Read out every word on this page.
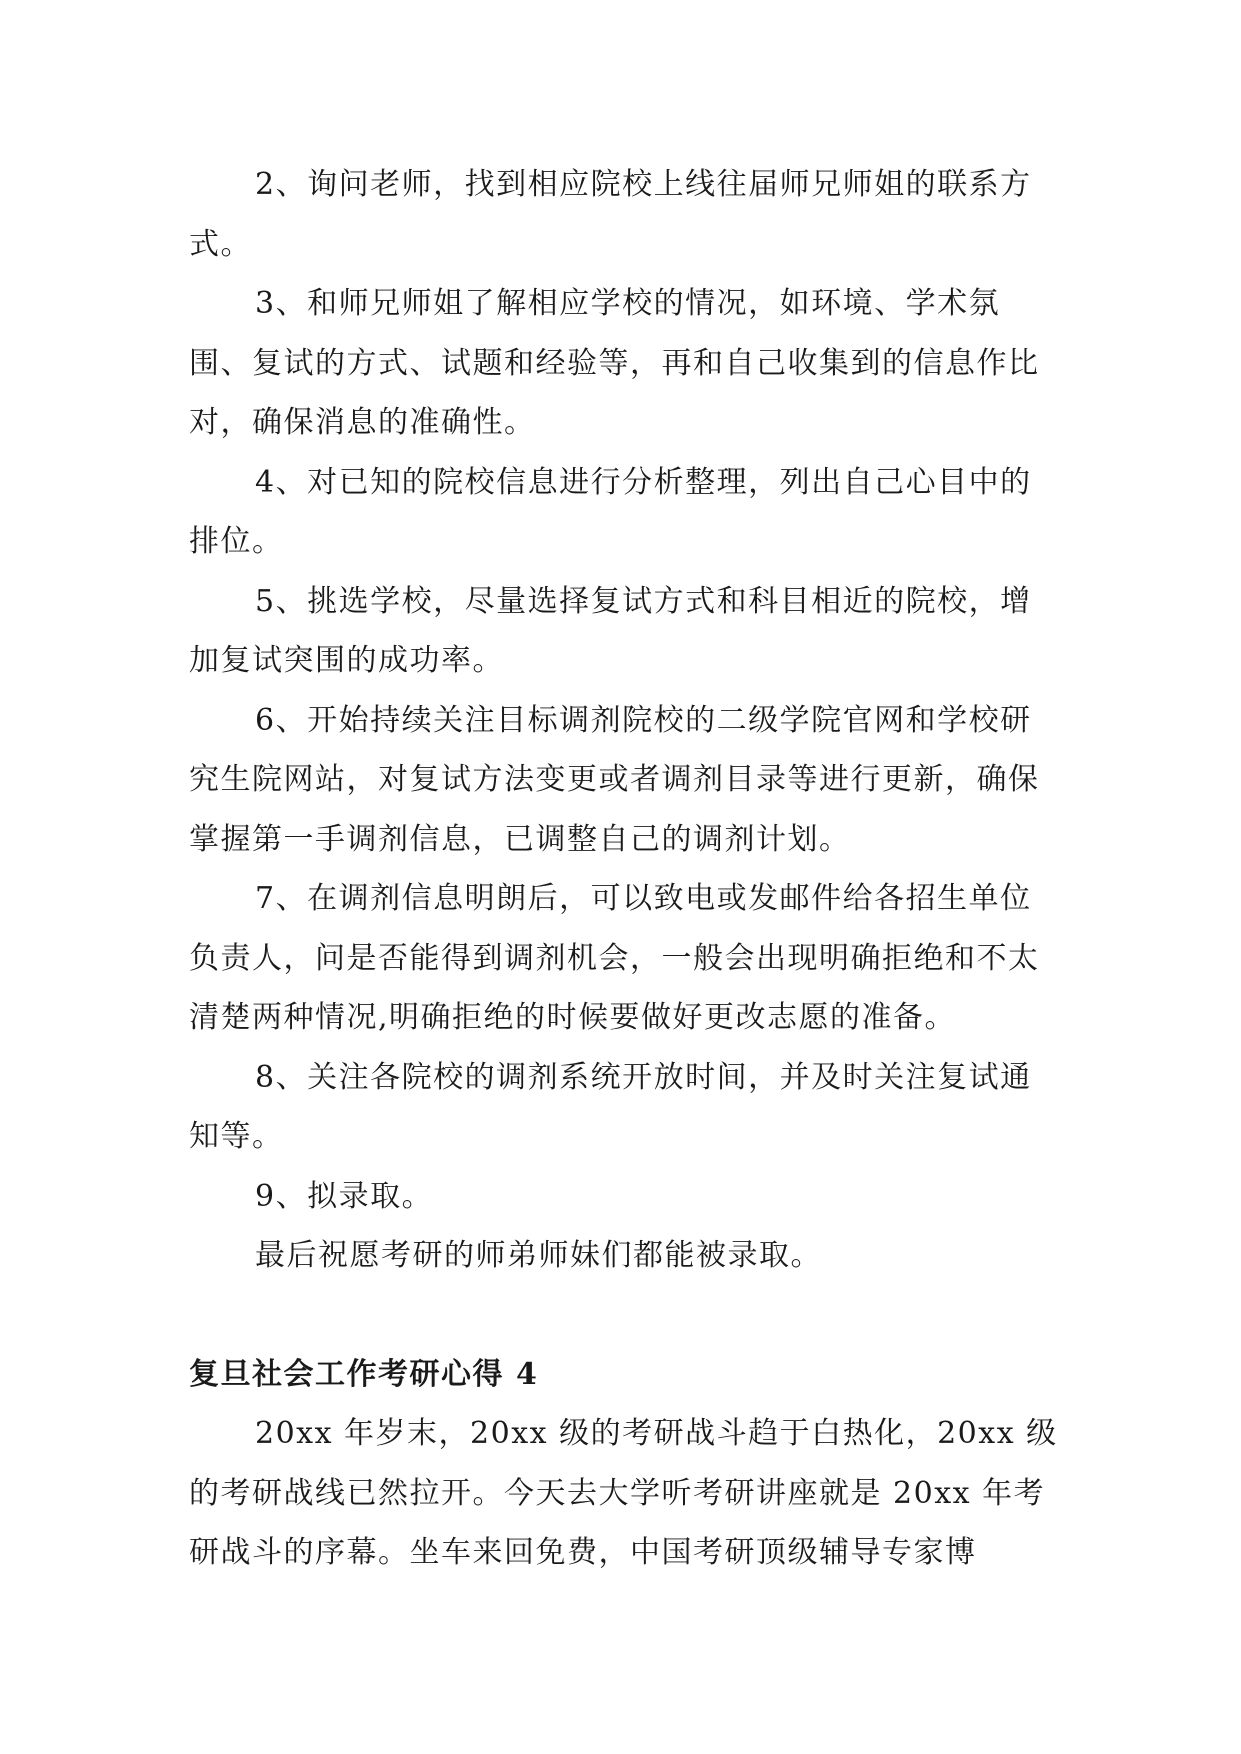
2、询问老师，找到相应院校上线往届师兄师姐的联系方式。

3、和师兄师姐了解相应学校的情况，如环境、学术氛围、复试的方式、试题和经验等，再和自己收集到的信息作比对，确保消息的准确性。

4、对已知的院校信息进行分析整理，列出自己心目中的排位。

5、挑选学校，尽量选择复试方式和科目相近的院校，增加复试突围的成功率。

6、开始持续关注目标调剂院校的二级学院官网和学校研究生院网站，对复试方法变更或者调剂目录等进行更新，确保掌握第一手调剂信息，已调整自己的调剂计划。

7、在调剂信息明朗后，可以致电或发邮件给各招生单位负责人，问是否能得到调剂机会，一般会出现明确拒绝和不太清楚两种情况,明确拒绝的时候要做好更改志愿的准备。

8、关注各院校的调剂系统开放时间，并及时关注复试通知等。

9、拟录取。

最后祝愿考研的师弟师妹们都能被录取。

复旦社会工作考研心得 4

20xx 年岁末，20xx 级的考研战斗趋于白热化，20xx 级的考研战线已然拉开。今天去大学听考研讲座就是 20xx 年考研战斗的序幕。坐车来回免费，中国考研顶级辅导专家博
